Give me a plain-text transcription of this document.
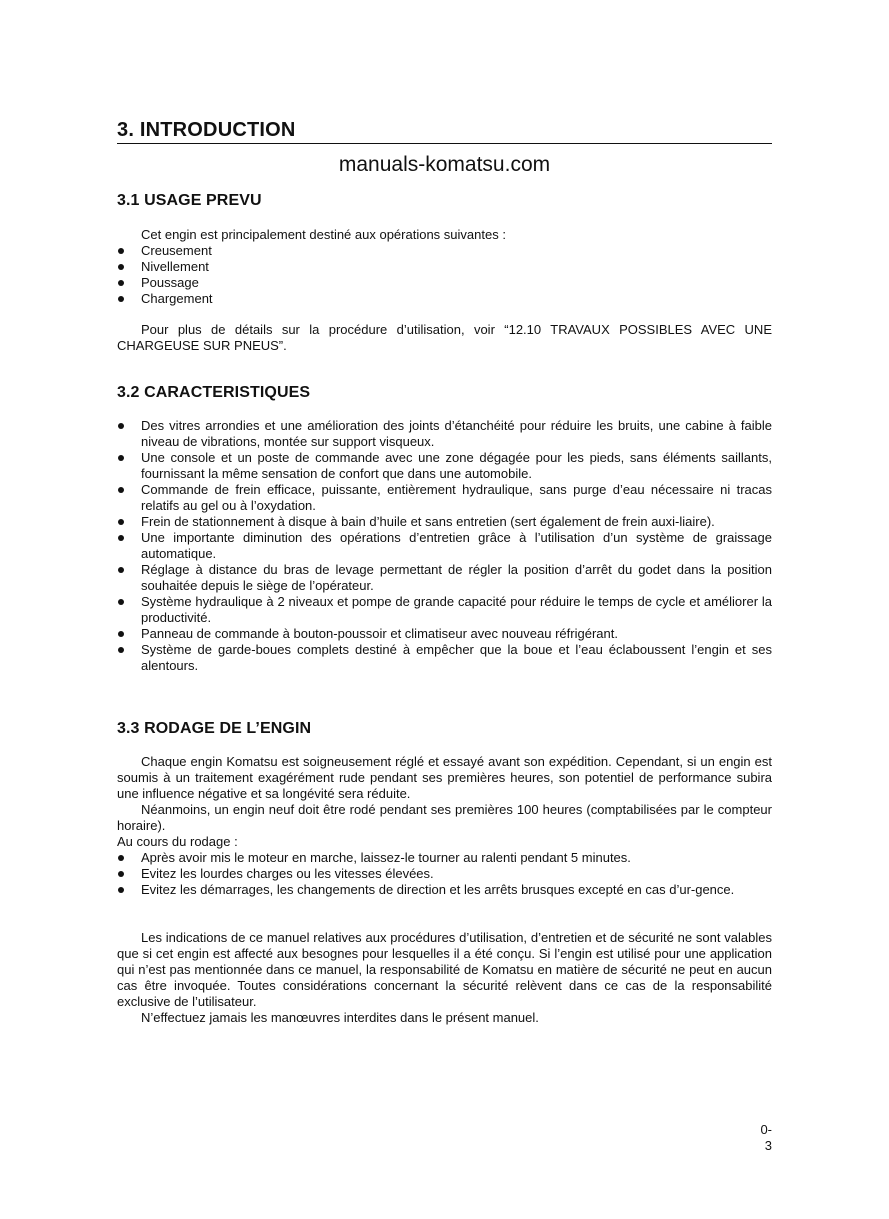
3. INTRODUCTION
manuals-komatsu.com
3.1 USAGE PREVU

Cet engin est principalement destiné aux opérations suivantes :

Creusement
Nivellement
Poussage
Chargement

Pour plus de détails sur la procédure d’utilisation, voir “12.10 TRAVAUX POSSIBLES AVEC UNE CHARGEUSE SUR PNEUS”.

3.2 CARACTERISTIQUES
Des vitres arrondies et une amélioration des joints d’étanchéité pour réduire les bruits, une cabine à faible niveau de vibrations, montée sur support visqueux.
Une console et un poste de commande avec une zone dégagée pour les pieds, sans éléments saillants, fournissant la même sensation de confort que dans une automobile.
Commande de frein efficace, puissante, entièrement hydraulique, sans purge d’eau nécessaire ni tracas relatifs au gel ou à l’oxydation.
Frein de stationnement à disque à bain d’huile et sans entretien (sert également de frein auxi-liaire).
Une importante diminution des opérations d’entretien grâce à l’utilisation d’un système de graissage automatique.
Réglage à distance du bras de levage permettant de régler la position d’arrêt du godet dans la position souhaitée depuis le siège de l’opérateur.
Système hydraulique à 2 niveaux et pompe de grande capacité pour réduire le temps de cycle et améliorer la productivité.
Panneau de commande à bouton-poussoir et climatiseur avec nouveau réfrigérant.
Système de garde-boues complets destiné à empêcher que la boue et l’eau éclaboussent l’engin et ses alentours.
3.3 RODAGE DE L’ENGIN

Chaque engin Komatsu est soigneusement réglé et essayé avant son expédition. Cependant, si un engin est soumis à un traitement exagérément rude pendant ses premières heures, son potentiel de performance subira une influence négative et sa longévité sera réduite.

Néanmoins, un engin neuf doit être rodé pendant ses premières 100 heures (comptabilisées par le compteur horaire).

Au cours du rodage :

Après avoir mis le moteur en marche, laissez-le tourner au ralenti pendant 5 minutes.
Evitez les lourdes charges ou les vitesses élevées.
Evitez les démarrages, les changements de direction et les arrêts brusques excepté en cas d’ur-gence.

Les indications de ce manuel relatives aux procédures d’utilisation, d’entretien et de sécurité ne sont valables que si cet engin est affecté aux besognes pour lesquelles il a été conçu. Si l’engin est utilisé pour une application qui n’est pas mentionnée dans ce manuel, la responsabilité de Komatsu en matière de sécurité ne peut en aucun cas être invoquée. Toutes considérations concernant la sécurité relèvent dans ce cas de la responsabilité exclusive de l’utilisateur.

N’effectuez jamais les manœuvres interdites dans le présent manuel.

0-3
